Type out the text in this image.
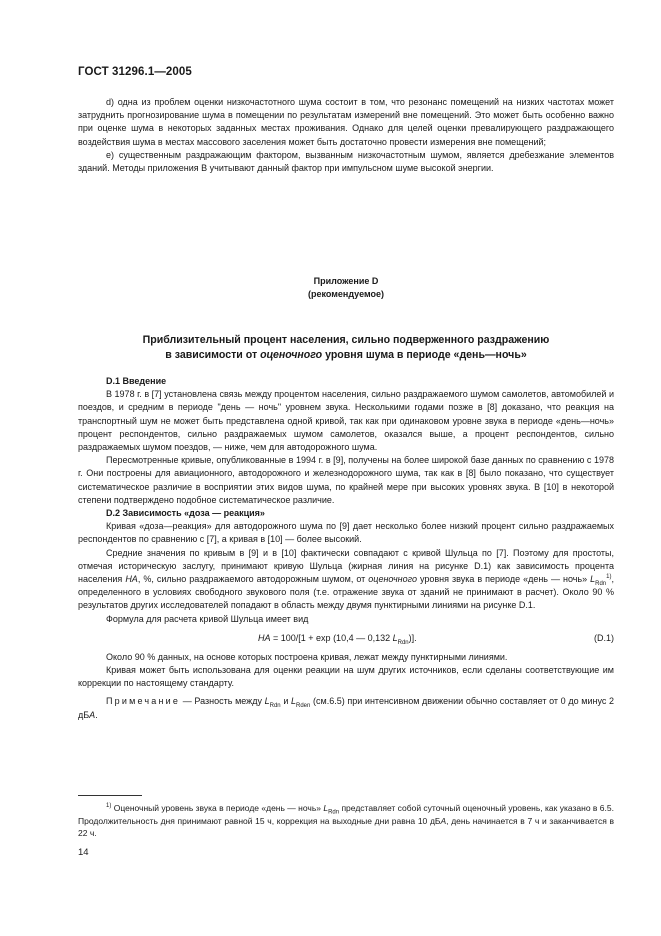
ГОСТ 31296.1—2005

d) одна из проблем оценки низкочастотного шума состоит в том, что резонанс помещений на низких частотах может затруднить прогнозирование шума в помещении по результатам измерений вне помещений. Это может быть особенно важно при оценке шума в некоторых заданных местах проживания. Однако для целей оценки превалирующего раздражающего воздействия шума в местах массового заселения может быть достаточно провести измерения вне помещений;

e) существенным раздражающим фактором, вызванным низкочастотным шумом, является дребезжание элементов зданий. Методы приложения В учитывают данный фактор при импульсном шуме высокой энергии.

Приложение D
(рекомендуемое)
Приблизительный процент населения, сильно подверженного раздражению
в зависимости от оценочного уровня шума в периоде «день—ночь»

D.1 Введение

В 1978 г. в [7] установлена связь между процентом населения, сильно раздражаемого шумом самолетов, автомобилей и поездов, и средним в периоде "день — ночь" уровнем звука. Несколькими годами позже в [8] доказано, что реакция на транспортный шум не может быть представлена одной кривой, так как при одинаковом уровне звука в периоде «день—ночь» процент респондентов, сильно раздражаемых шумом самолетов, оказался выше, а процент респондентов, сильно раздражаемых шумом поездов, — ниже, чем для автодорожного шума.

Пересмотренные кривые, опубликованные в 1994 г. в [9], получены на более широкой базе данных по сравнению с 1978 г. Они построены для авиационного, автодорожного и железнодорожного шума, так как в [8] было показано, что существует систематическое различие в восприятии этих видов шума, по крайней мере при высоких уровнях звука. В [10] в некоторой степени подтверждено подобное систематическое различие.

D.2 Зависимость «доза — реакция»

Кривая «доза—реакция» для автодорожного шума по [9] дает несколько более низкий процент сильно раздражаемых респондентов по сравнению с [7], а кривая в [10] — более высокий.

Средние значения по кривым в [9] и в [10] фактически совпадают с кривой Шульца по [7]. Поэтому для простоты, отмечая историческую заслугу, принимают кривую Шульца (жирная линия на рисунке D.1) как зависимость процента населения HA, %, сильно раздражаемого автодорожным шумом, от оценочного уровня звука в периоде «день — ночь» $L_{Rdn}^{1)}$, определенного в условиях свободного звукового поля (т.е. отражение звука от зданий не принимают в расчет). Около 90 % результатов других исследователей попадают в область между двумя пунктирными линиями на рисунке D.1.

Формула для расчета кривой Шульца имеет вид

HA = 100/[1 + exp (10,4 — 0,132 $L_{Rdn}$)].	(D.1)

Около 90 % данных, на основе которых построена кривая, лежат между пунктирными линиями.

Кривая может быть использована для оценки реакции на шум других источников, если сделаны соответствующие им коррекции по настоящему стандарту.

Примечание — Разность между $L_{Rdn}$ и $L_{Rden}$ (см.6.5) при интенсивном движении обычно составляет от 0 до минус 2 дБA.

$^{1)}$ Оценочный уровень звука в периоде «день — ночь» $L_{Rdn}$ представляет собой суточный оценочный уровень, как указано в 6.5. Продолжительность дня принимают равной 15 ч, коррекция на выходные дни равна 10 дБA, день начинается в 7 ч и заканчивается в 22 ч.

14
